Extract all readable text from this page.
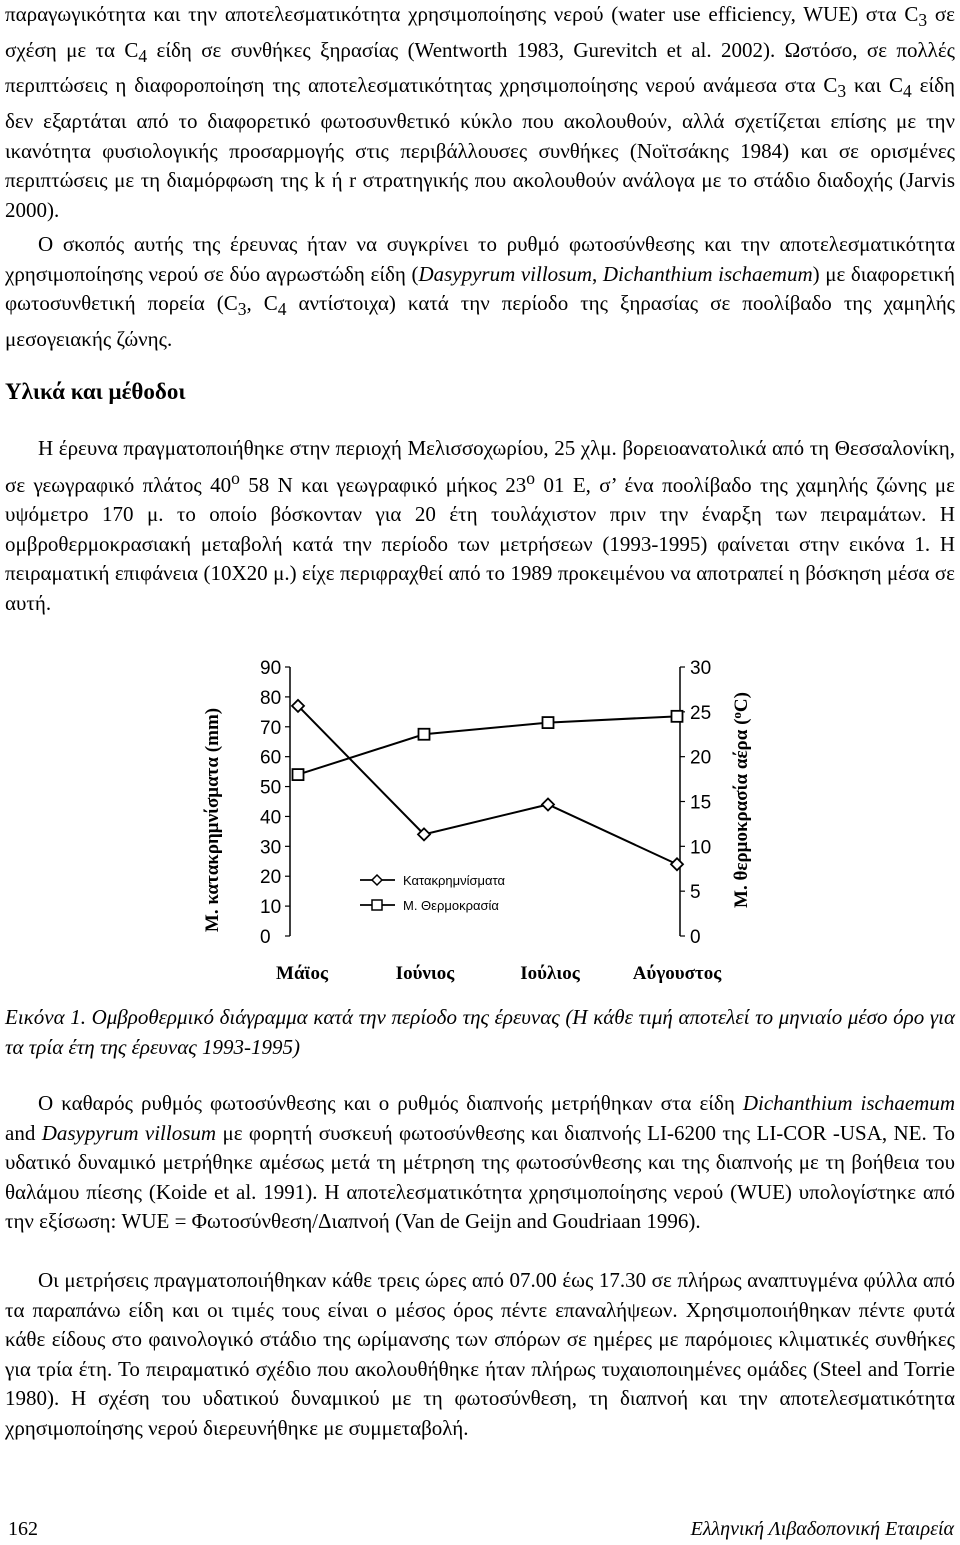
παραγωγικότητα και την αποτελεσματικότητα χρησιμοποίησης νερού (water use efficiency, WUE) στα $C_3$ σε σχέση με τα $C_4$ είδη σε συνθήκες ξηρασίας (Wentworth 1983, Gurevitch et al. 2002). Ωστόσο, σε πολλές περιπτώσεις η διαφοροποίηση της αποτελεσματικότητας χρησιμοποίησης νερού ανάμεσα στα $C_3$ και $C_4$ είδη δεν εξαρτάται από το διαφορετικό φωτοσυνθετικό κύκλο που ακολουθούν, αλλά σχετίζεται επίσης με την ικανότητα φυσιολογικής προσαρμογής στις περιβάλλουσες συνθήκες (Νοϊτσάκης 1984) και σε ορισμένες περιπτώσεις με τη διαμόρφωση της k ή r στρατηγικής που ακολουθούν ανάλογα με το στάδιο διαδοχής (Jarvis 2000).

Ο σκοπός αυτής της έρευνας ήταν να συγκρίνει το ρυθμό φωτοσύνθεσης και την αποτελεσματικότητα χρησιμοποίησης νερού σε δύο αγρωστώδη είδη (Dasypyrum villosum, Dichanthium ischaemum) με διαφορετική φωτοσυνθετική πορεία ($C_3$, $C_4$ αντίστοιχα) κατά την περίοδο της ξηρασίας σε ποολίβαδο της χαμηλής μεσογειακής ζώνης.

Υλικά και μέθοδοι

Η έρευνα πραγματοποιήθηκε στην περιοχή Μελισσοχωρίου, 25 χλμ. βορειοανατολικά από τη Θεσσαλονίκη, σε γεωγραφικό πλάτος 40$^o$ 58 Ν και γεωγραφικό μήκος 23$^o$ 01 Ε, σ’ ένα ποολίβαδο της χαμηλής ζώνης με υψόμετρο 170 μ. το οποίο βόσκονταν για 20 έτη τουλάχιστον πριν την έναρξη των πειραμάτων. Η ομβροθερμοκρασιακή μεταβολή κατά την περίοδο των μετρήσεων (1993-1995) φαίνεται στην εικόνα 1. Η πειραματική επιφάνεια (10Χ20 μ.) είχε περιφραχθεί από το 1989 προκειμένου να αποτραπεί η βόσκηση μέσα σε αυτή.

0
10
20
30
40
50
60
70
80
90
0
5
10
15
20
25
30
Μάϊος	Ιούνιος	Ιούλιος	Αύγουστος
Κατακρημνίσματα
Μ. Θερμοκρασία
Μ. κατακρημνίσματα (mm)	Μ. θερμοκρασία αέρα ($^o$C)

Εικόνα 1. Ομβροθερμικό διάγραμμα κατά την περίοδο της έρευνας (Η κάθε τιμή αποτελεί το μηνιαίο μέσο όρο για τα τρία έτη της έρευνας 1993-1995)

Ο καθαρός ρυθμός φωτοσύνθεσης και ο ρυθμός διαπνοής μετρήθηκαν στα είδη Dichanthium ischaemum and Dasypyrum villosum με φορητή συσκευή φωτοσύνθεσης και διαπνοής LI-6200 της LI-COR -USA, NE. Το υδατικό δυναμικό μετρήθηκε αμέσως μετά τη μέτρηση της φωτοσύνθεσης και της διαπνοής με τη βοήθεια του θαλάμου πίεσης (Koide et al. 1991). Η αποτελεσματικότητα χρησιμοποίησης νερού (WUE) υπολογίστηκε από την εξίσωση: WUE = Φωτοσύνθεση/Διαπνοή (Van de Geijn and Goudriaan 1996).

Οι μετρήσεις πραγματοποιήθηκαν κάθε τρεις ώρες από 07.00 έως 17.30 σε πλήρως αναπτυγμένα φύλλα από τα παραπάνω είδη και οι τιμές τους είναι ο μέσος όρος πέντε επαναλήψεων. Χρησιμοποιήθηκαν πέντε φυτά κάθε είδους στο φαινολογικό στάδιο της ωρίμανσης των σπόρων σε ημέρες με παρόμοιες κλιματικές συνθήκες για τρία έτη. Το πειραματικό σχέδιο που ακολουθήθηκε ήταν πλήρως τυχαιοποιημένες ομάδες (Steel and Torrie 1980). Η σχέση του υδατικού δυναμικού με τη φωτοσύνθεση, τη διαπνοή και την αποτελεσματικότητα χρησιμοποίησης νερού διερευνήθηκε με συμμεταβολή.

162	Ελληνική Λιβαδοπονική Εταιρεία
